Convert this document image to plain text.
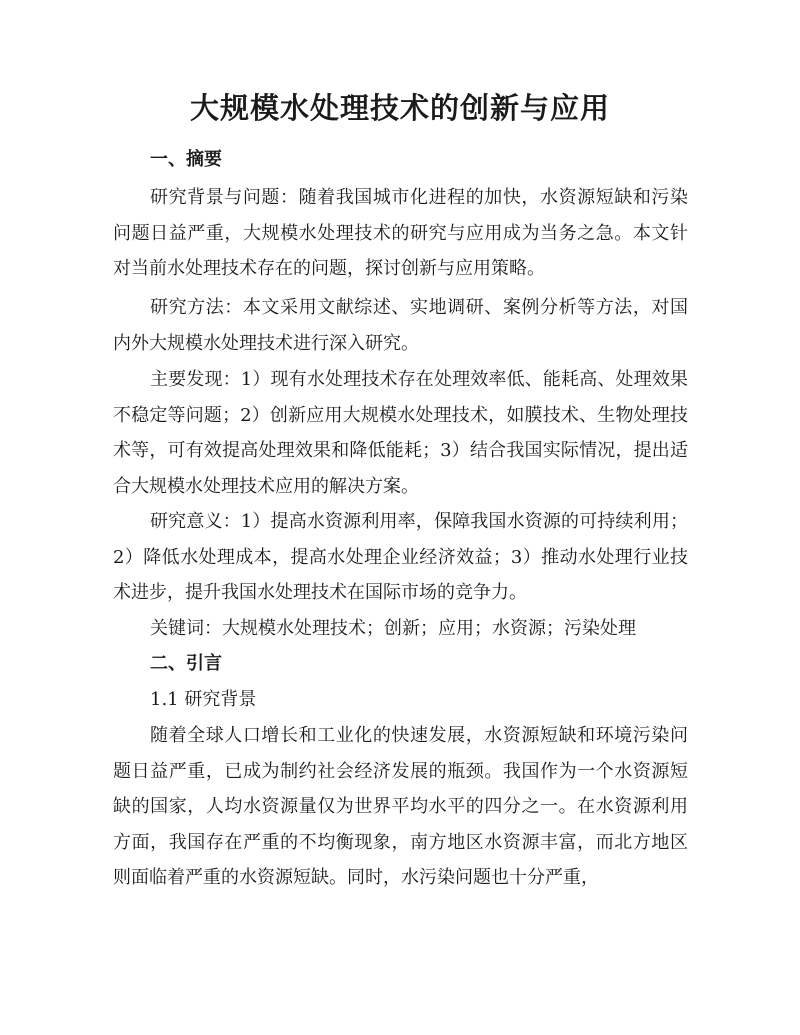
大规模水处理技术的创新与应用
一、摘要

研究背景与问题：随着我国城市化进程的加快，水资源短缺和污染问题日益严重，大规模水处理技术的研究与应用成为当务之急。本文针对当前水处理技术存在的问题，探讨创新与应用策略。

研究方法：本文采用文献综述、实地调研、案例分析等方法，对国内外大规模水处理技术进行深入研究。

主要发现：1）现有水处理技术存在处理效率低、能耗高、处理效果不稳定等问题；2）创新应用大规模水处理技术，如膜技术、生物处理技术等，可有效提高处理效果和降低能耗；3）结合我国实际情况，提出适合大规模水处理技术应用的解决方案。

研究意义：1）提高水资源利用率，保障我国水资源的可持续利用；2）降低水处理成本，提高水处理企业经济效益；3）推动水处理行业技术进步，提升我国水处理技术在国际市场的竞争力。

关键词：大规模水处理技术；创新；应用；水资源；污染处理

二、引言
1.1 研究背景

随着全球人口增长和工业化的快速发展，水资源短缺和环境污染问题日益严重，已成为制约社会经济发展的瓶颈。我国作为一个水资源短缺的国家，人均水资源量仅为世界平均水平的四分之一。在水资源利用方面，我国存在严重的不均衡现象，南方地区水资源丰富，而北方地区则面临着严重的水资源短缺。同时，水污染问题也十分严重，
